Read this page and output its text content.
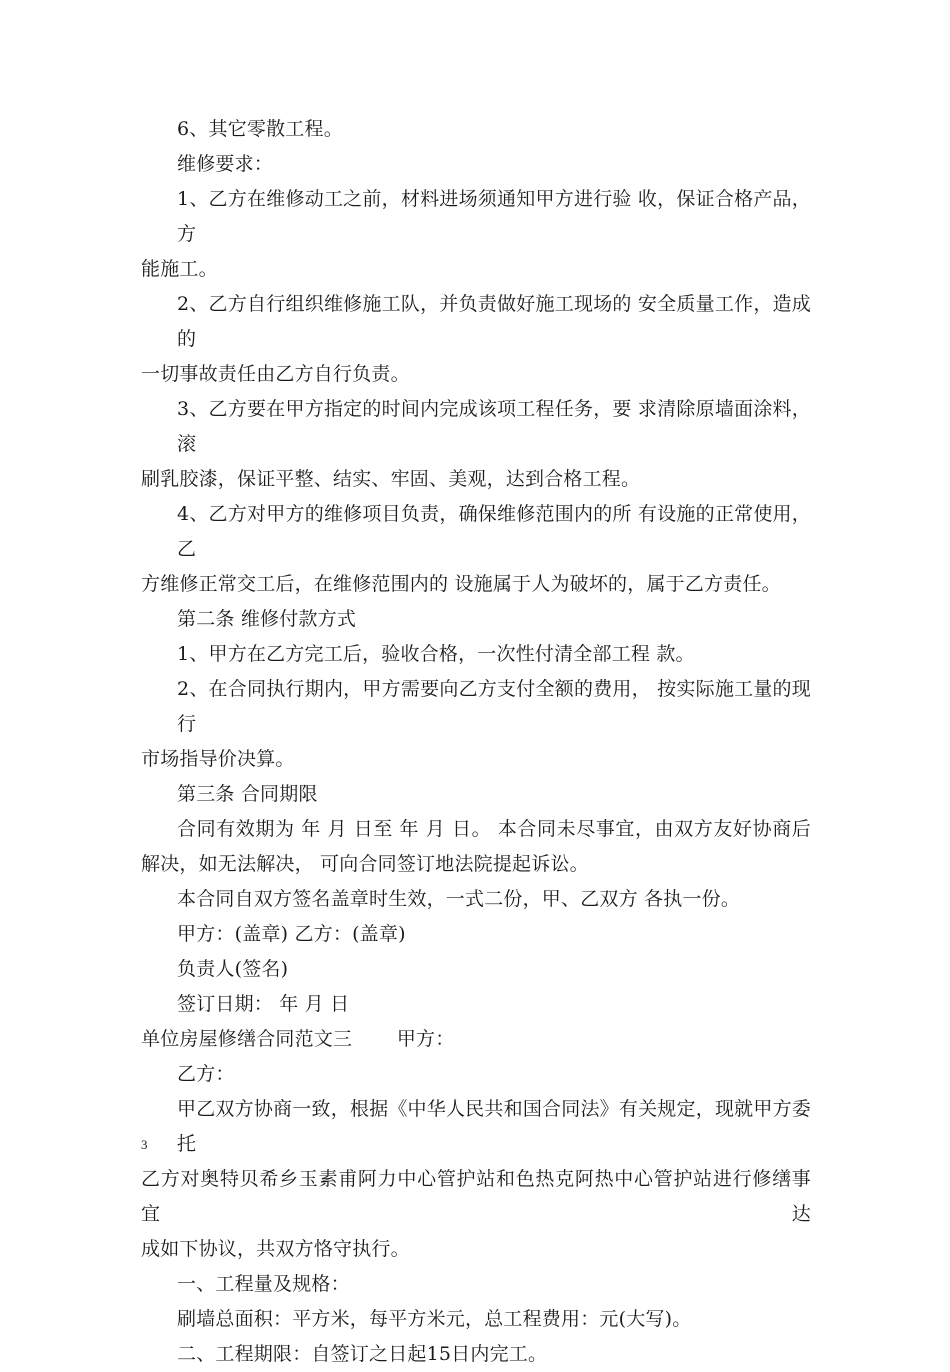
6、其它零散工程。

维修要求：

1、乙方在维修动工之前，材料进场须通知甲方进行验 收，保证合格产品，方
能施工。

2、乙方自行组织维修施工队，并负责做好施工现场的 安全质量工作，造成的
一切事故责任由乙方自行负责。

3、乙方要在甲方指定的时间内完成该项工程任务，要 求清除原墙面涂料，滚
刷乳胶漆，保证平整、结实、牢固、美观，达到合格工程。

4、乙方对甲方的维修项目负责，确保维修范围内的所 有设施的正常使用，乙
方维修正常交工后，在维修范围内的 设施属于人为破坏的，属于乙方责任。

第二条 维修付款方式

1、甲方在乙方完工后，验收合格，一次性付清全部工程 款。

2、在合同执行期内，甲方需要向乙方支付全额的费用， 按实际施工量的现行
市场指导价决算。

第三条 合同期限

合同有效期为 年 月 日至 年 月 日。 本合同未尽事宜，由双方友好协商后
解决，如无法解决， 可向合同签订地法院提起诉讼。

本合同自双方签名盖章时生效，一式二份，甲、乙双方 各执一份。

甲方：(盖章) 乙方：(盖章)

负责人(签名)

签订日期： 年 月 日

单位房屋修缮合同范文三 　　甲方：

乙方：

甲乙双方协商一致，根据《中华人民共和国合同法》有关规定，现就甲方委托
乙方对奥特贝希乡玉素甫阿力中心管护站和色热克阿热中心管护站进行修缮事宜达
成如下协议，共双方恪守执行。

一、工程量及规格：

刷墙总面积：平方米，每平方米元，总工程费用：元(大写)。

二、工程期限：自签订之日起15日内完工。

3
